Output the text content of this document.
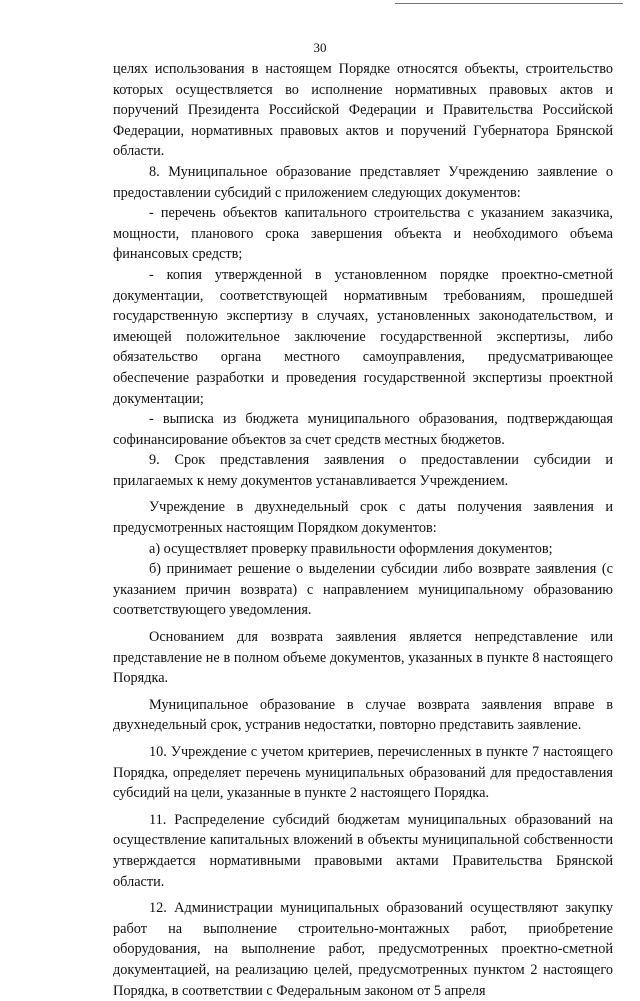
30

целях использования в настоящем Порядке относятся объекты, строительство которых осуществляется во исполнение нормативных правовых актов и поручений Президента Российской Федерации и Правительства Российской Федерации, нормативных правовых актов и поручений Губернатора Брянской области.

8. Муниципальное образование представляет Учреждению заявление о предоставлении субсидий с приложением следующих документов:

- перечень объектов капитального строительства с указанием заказчика, мощности, планового срока завершения объекта и необходимого объема финансовых средств;

- копия утвержденной в установленном порядке проектно-сметной документации, соответствующей нормативным требованиям, прошедшей государственную экспертизу в случаях, установленных законодательством, и имеющей положительное заключение государственной экспертизы, либо обязательство органа местного самоуправления, предусматривающее обеспечение разработки и проведения государственной экспертизы проектной документации;

- выписка из бюджета муниципального образования, подтверждающая софинансирование объектов за счет средств местных бюджетов.

9. Срок представления заявления о предоставлении субсидии и прилагаемых к нему документов устанавливается Учреждением.

Учреждение в двухнедельный срок с даты получения заявления и предусмотренных настоящим Порядком документов:

а) осуществляет проверку правильности оформления документов;

б) принимает решение о выделении субсидии либо возврате заявления (с указанием причин возврата) с направлением муниципальному образованию соответствующего уведомления.

Основанием для возврата заявления является непредставление или представление не в полном объеме документов, указанных в пункте 8 настоящего Порядка.

Муниципальное образование в случае возврата заявления вправе в двухнедельный срок, устранив недостатки, повторно представить заявление.

10. Учреждение с учетом критериев, перечисленных в пункте 7 настоящего Порядка, определяет перечень муниципальных образований для предоставления субсидий на цели, указанные в пункте 2 настоящего Порядка.

11. Распределение субсидий бюджетам муниципальных образований на осуществление капитальных вложений в объекты муниципальной собственности утверждается нормативными правовыми актами Правительства Брянской области.

12. Администрации муниципальных образований осуществляют закупку работ на выполнение строительно-монтажных работ, приобретение оборудования, на выполнение работ, предусмотренных проектно-сметной документацией, на реализацию целей, предусмотренных пунктом 2 настоящего Порядка, в соответствии с Федеральным законом от 5 апреля
